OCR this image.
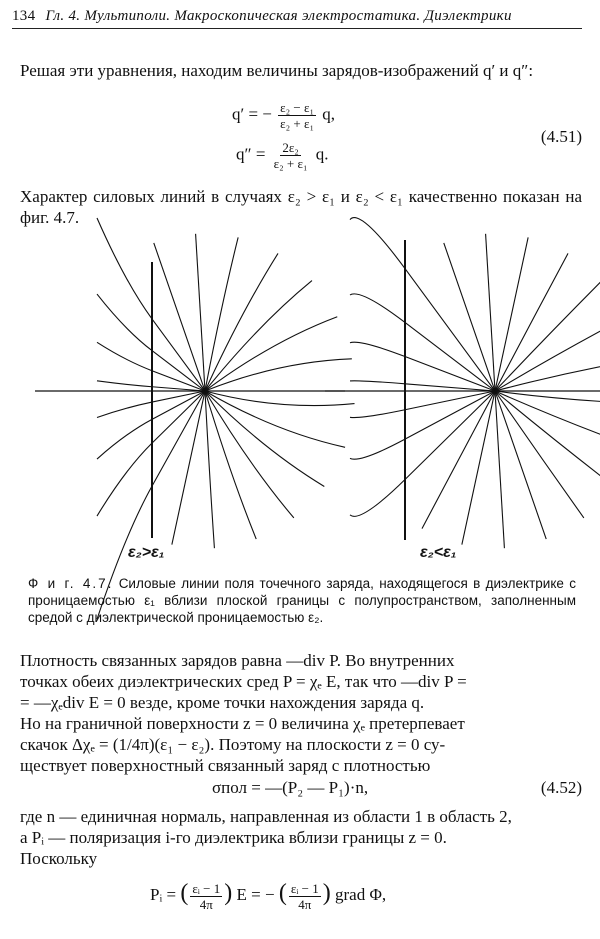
134 Гл. 4. Мультиполи. Макроскопическая электростатика. Диэлектрики
Решая эти уравнения, находим величины зарядов-изображений q′ и q″:
q′ = − $\frac{\text{ε₂ − ε₁}}{\text{ε₂ + ε₁}} q$,
$q'' = \frac{\text{2ε₂}}{\text{ε₂ + ε₁}} q$.
(4.51)
Характер силовых линий в случаях ε₂ > ε₁ и ε₂ < ε₁ качественно показан на фиг. 4.7.
ε₂>ε₁	ε₂<ε₁
Ф и г. 4.7. Силовые линии поля точечного заряда, находящегося в диэлектрике с проницаемостью ε₁ вблизи плоской границы с полупространством, заполненным средой с диэлектрической проницаемостью ε₂.
Плотность связанных зарядов равна —div P. Во внутренних
точках обеих диэлектрических сред P = χₑ E, так что —div P =
= —χₑdiv E = 0 везде, кроме точки нахождения заряда q.
Но на граничной поверхности z = 0 величина χₑ претерпевает
скачок Δχₑ = (1/4π)(ε₁ − ε₂). Поэтому на плоскости z = 0 су-
ществует поверхностный связанный заряд с плотностью
σпол = —(P₂ — P₁)·n,	(4.52)
где n — единичная нормаль, направленная из области 1 в область 2,
а Pᵢ — поляризация i-го диэлектрика вблизи границы z = 0.
Поскольку
Pᵢ = ( $\frac{\text{εᵢ − 1}}{4\pi}$ ) E = − ( $\frac{\text{εᵢ − 1}}{4\pi}$ ) grad Φ,
